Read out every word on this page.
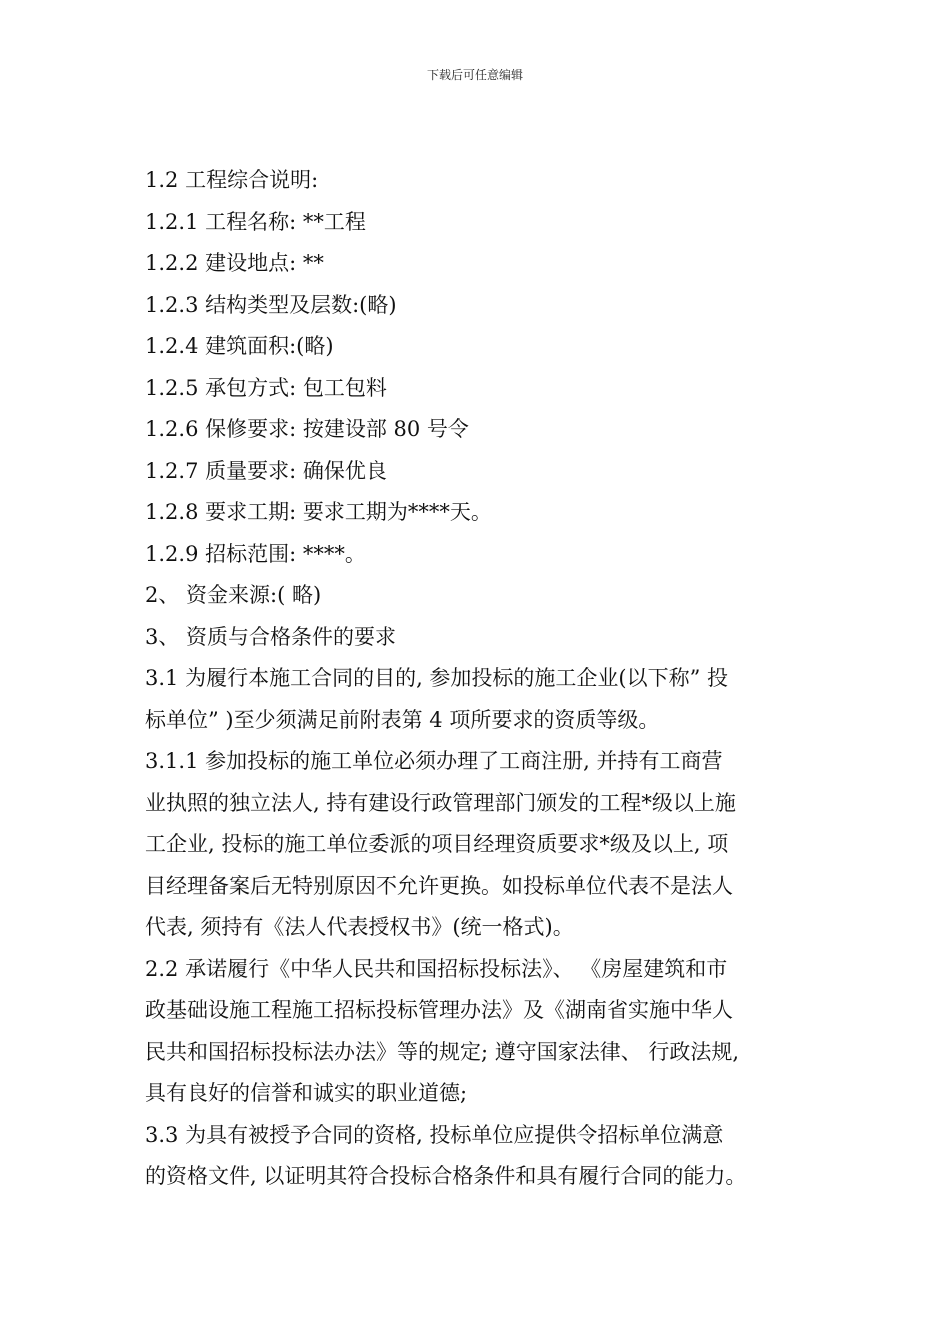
下载后可任意编辑
1.2 工程综合说明:
1.2.1 工程名称: **工程
1.2.2 建设地点: **
1.2.3 结构类型及层数:(略)
1.2.4 建筑面积:(略)
1.2.5 承包方式: 包工包料
1.2.6 保修要求: 按建设部 80 号令
1.2.7 质量要求: 确保优良
1.2.8 要求工期: 要求工期为****天。
1.2.9 招标范围: ****。
2、 资金来源:( 略)
3、 资质与合格条件的要求
3.1 为履行本施工合同的目的, 参加投标的施工企业(以下称” 投
标单位” )至少须满足前附表第 4 项所要求的资质等级。
3.1.1 参加投标的施工单位必须办理了工商注册, 并持有工商营
业执照的独立法人, 持有建设行政管理部门颁发的工程*级以上施
工企业, 投标的施工单位委派的项目经理资质要求*级及以上, 项
目经理备案后无特别原因不允许更换。如投标单位代表不是法人
代表, 须持有《法人代表授权书》(统一格式)。
2.2 承诺履行《中华人民共和国招标投标法》、 《房屋建筑和市
政基础设施工程施工招标投标管理办法》及《湖南省实施中华人
民共和国招标投标法办法》等的规定; 遵守国家法律、 行政法规,
具有良好的信誉和诚实的职业道德;
3.3 为具有被授予合同的资格, 投标单位应提供令招标单位满意
的资格文件, 以证明其符合投标合格条件和具有履行合同的能力。
